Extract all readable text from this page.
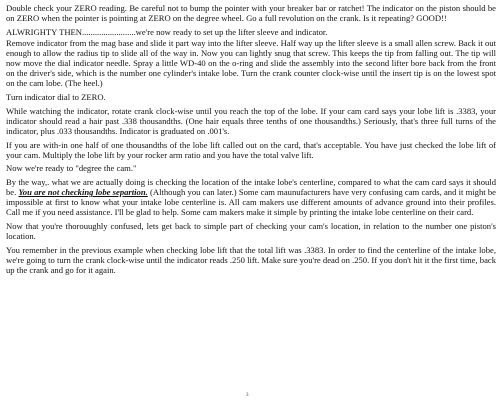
Double check your ZERO reading. Be careful not to bump the pointer with your breaker bar or ratchet! The indicator on the piston should be on ZERO when the pointer is pointing at ZERO on the degree wheel. Go a full revolution on the crank. Is it repeating? GOOD!!

ALWRIGHTY THEN.........................we're now ready to set up the lifter sleeve and indicator.

Remove indicator from the mag base and slide it part way into the lifter sleeve. Half way up the lifter sleeve is a small allen screw. Back it out enough to allow the radius tip to slide all of the way in. Now you can lightly snug that screw. This keeps the tip from falling out. The tip will now move the dial indicator needle. Spray a little WD-40 on the o-ring and slide the assembly into the second lifter bore back from the front on the driver's side, which is the number one cylinder's intake lobe. Turn the crank counter clock-wise until the insert tip is on the lowest spot on the cam lobe. (The heel.)

Turn indicator dial to ZERO.

While watching the indicator, rotate crank clock-wise until you reach the top of the lobe. If your cam card says your lobe lift is .3383, your indicator should read a hair past .338 thousandths. (One hair equals three tenths of one thousandths.) Seriously, that's three full turns of the indicator, plus .033 thousandths. Indicator is graduated on .001's.

If you are with-in one half of one thousandths of the lobe lift called out on the card, that's acceptable. You have just checked the lobe lift of your cam. Multiply the lobe lift by your rocker arm ratio and you have the total valve lift.

Now we're ready to "degree the cam."

By the way,. what we are actually doing is checking the location of the intake lobe's centerline, compared to what the cam card says it should be. You are not checking lobe separtion. (Although you can later.) Some cam maunufacturers have very confusing cam cards, and it might be impossible at first to know what your intake lobe centerline is. All cam makers use different amounts of advance ground into their profiles. Call me if you need assistance. I'll be glad to help. Some cam makers make it simple by printing the intake lobe centerline on their card.

Now that you're thorouughly confused, lets get back to simple part of checking your cam's location, in relation to the number one piston's location.

You remember in the previous example when checking lobe lift that the total lift was .3383. In order to find the centerline of the intake lobe, we're going to turn the crank clock-wise until the indicator reads .250 lift. Make sure you're dead on .250. If you don't hit it the first time, back up the crank and go for it again.

3
